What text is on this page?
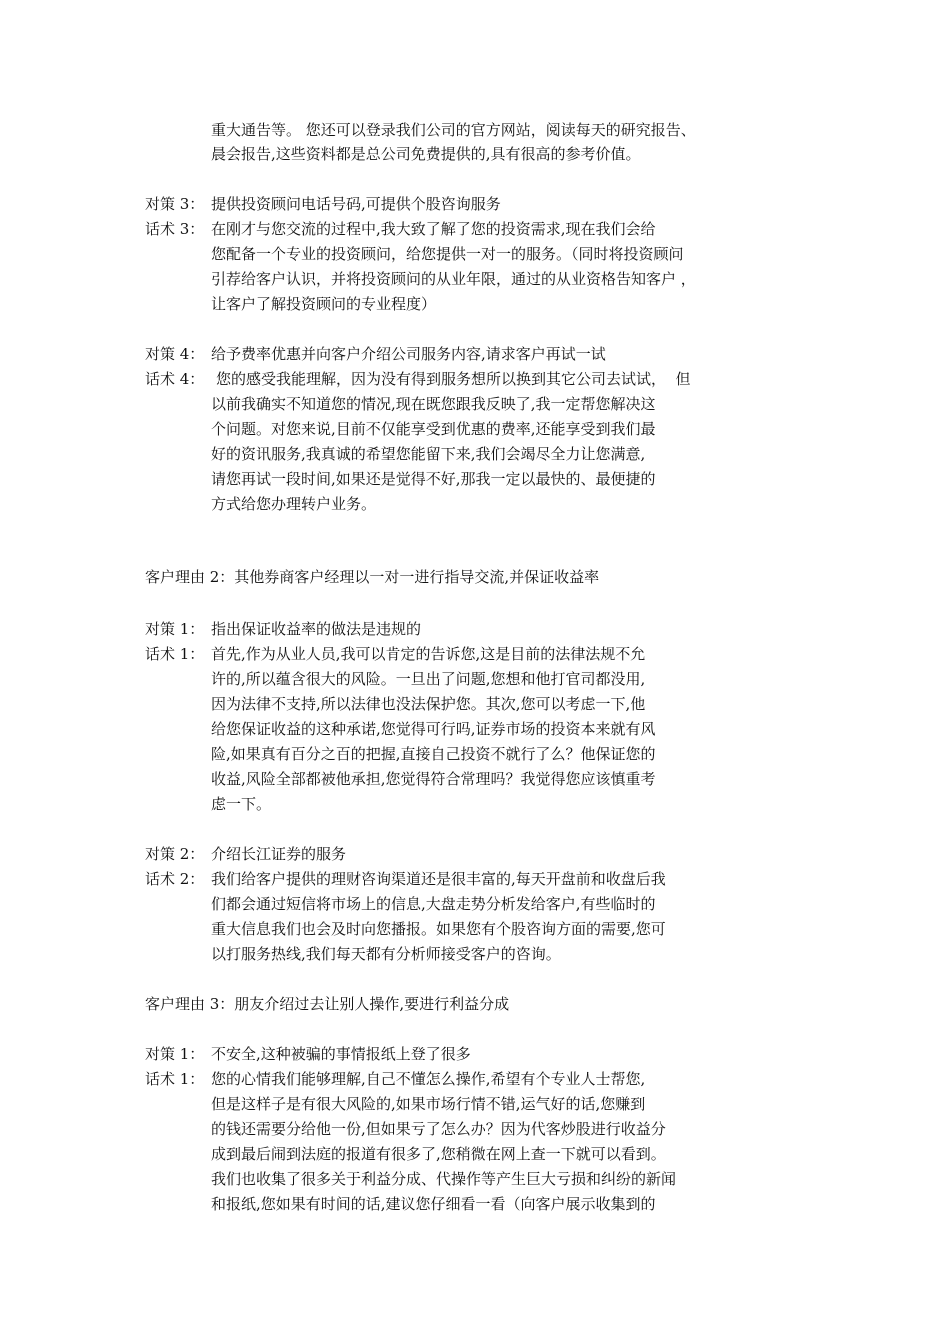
重大通告等。 您还可以登录我们公司的官方网站，阅读每天的研究报告、
晨会报告,这些资料都是总公司免费提供的,具有很高的参考价值。
对策 3： 提供投资顾问电话号码,可提供个股咨询服务
话术 3： 在刚才与您交流的过程中,我大致了解了您的投资需求,现在我们会给
您配备一个专业的投资顾问，给您提供一对一的服务。（同时将投资顾问
引荐给客户认识，并将投资顾问的从业年限，通过的从业资格告知客户 ，
让客户了解投资顾问的专业程度）
对策 4： 给予费率优惠并向客户介绍公司服务内容,请求客户再试一试
话术 4： 您的感受我能理解，因为没有得到服务想所以换到其它公司去试试，  但
以前我确实不知道您的情况,现在既您跟我反映了,我一定帮您解决这
个问题。对您来说,目前不仅能享受到优惠的费率,还能享受到我们最
好的资讯服务,我真诚的希望您能留下来,我们会竭尽全力让您满意,
请您再试一段时间,如果还是觉得不好,那我一定以最快的、最便捷的
方式给您办理转户业务。
客户理由 2：其他券商客户经理以一对一进行指导交流,并保证收益率
对策 1： 指出保证收益率的做法是违规的
话术 1： 首先,作为从业人员,我可以肯定的告诉您,这是目前的法律法规不允
许的,所以蕴含很大的风险。一旦出了问题,您想和他打官司都没用,
因为法律不支持,所以法律也没法保护您。其次,您可以考虑一下,他
给您保证收益的这种承诺,您觉得可行吗,证券市场的投资本来就有风
险,如果真有百分之百的把握,直接自己投资不就行了么？他保证您的
收益,风险全部都被他承担,您觉得符合常理吗？我觉得您应该慎重考
虑一下。
对策 2： 介绍长江证券的服务
话术 2： 我们给客户提供的理财咨询渠道还是很丰富的,每天开盘前和收盘后我
们都会通过短信将市场上的信息,大盘走势分析发给客户,有些临时的
重大信息我们也会及时向您播报。如果您有个股咨询方面的需要,您可
以打服务热线,我们每天都有分析师接受客户的咨询。
客户理由 3：朋友介绍过去让别人操作,要进行利益分成
对策 1： 不安全,这种被骗的事情报纸上登了很多
话术 1： 您的心情我们能够理解,自己不懂怎么操作,希望有个专业人士帮您,
但是这样子是有很大风险的,如果市场行情不错,运气好的话,您赚到
的钱还需要分给他一份,但如果亏了怎么办？因为代客炒股进行收益分
成到最后闹到法庭的报道有很多了,您稍微在网上查一下就可以看到。
我们也收集了很多关于利益分成、代操作等产生巨大亏损和纠纷的新闻
和报纸,您如果有时间的话,建议您仔细看一看（向客户展示收集到的
